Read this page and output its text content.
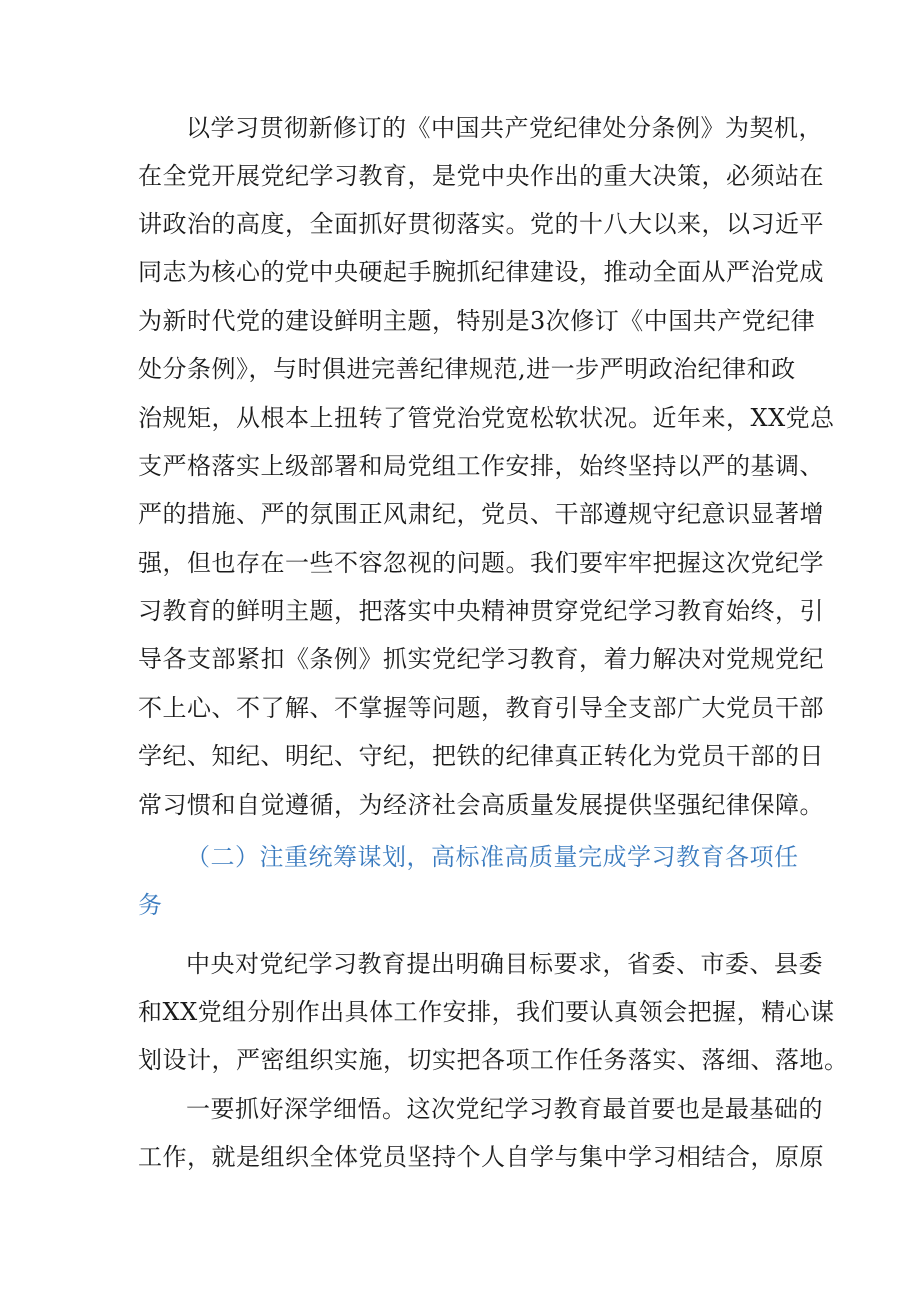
以学习贯彻新修订的《中国共产党纪律处分条例》为契机，
在全党开展党纪学习教育，是党中央作出的重大决策，必须站在
讲政治的高度，全面抓好贯彻落实。党的十八大以来，以习近平
同志为核心的党中央硬起手腕抓纪律建设，推动全面从严治党成
为新时代党的建设鲜明主题，特别是3次修订《中国共产党纪律
处分条例》，与时俱进完善纪律规范,进一步严明政治纪律和政
治规矩，从根本上扭转了管党治党宽松软状况。近年来，XX党总
支严格落实上级部署和局党组工作安排，始终坚持以严的基调、
严的措施、严的氛围正风肃纪，党员、干部遵规守纪意识显著增
强，但也存在一些不容忽视的问题。我们要牢牢把握这次党纪学
习教育的鲜明主题，把落实中央精神贯穿党纪学习教育始终，引
导各支部紧扣《条例》抓实党纪学习教育，着力解决对党规党纪
不上心、不了解、不掌握等问题，教育引导全支部广大党员干部
学纪、知纪、明纪、守纪，把铁的纪律真正转化为党员干部的日
常习惯和自觉遵循，为经济社会高质量发展提供坚强纪律保障。
（二）注重统筹谋划，高标准高质量完成学习教育各项任
务
中央对党纪学习教育提出明确目标要求，省委、市委、县委
和XX党组分别作出具体工作安排，我们要认真领会把握，精心谋
划设计，严密组织实施，切实把各项工作任务落实、落细、落地。
一要抓好深学细悟。这次党纪学习教育最首要也是最基础的
工作，就是组织全体党员坚持个人自学与集中学习相结合，原原
